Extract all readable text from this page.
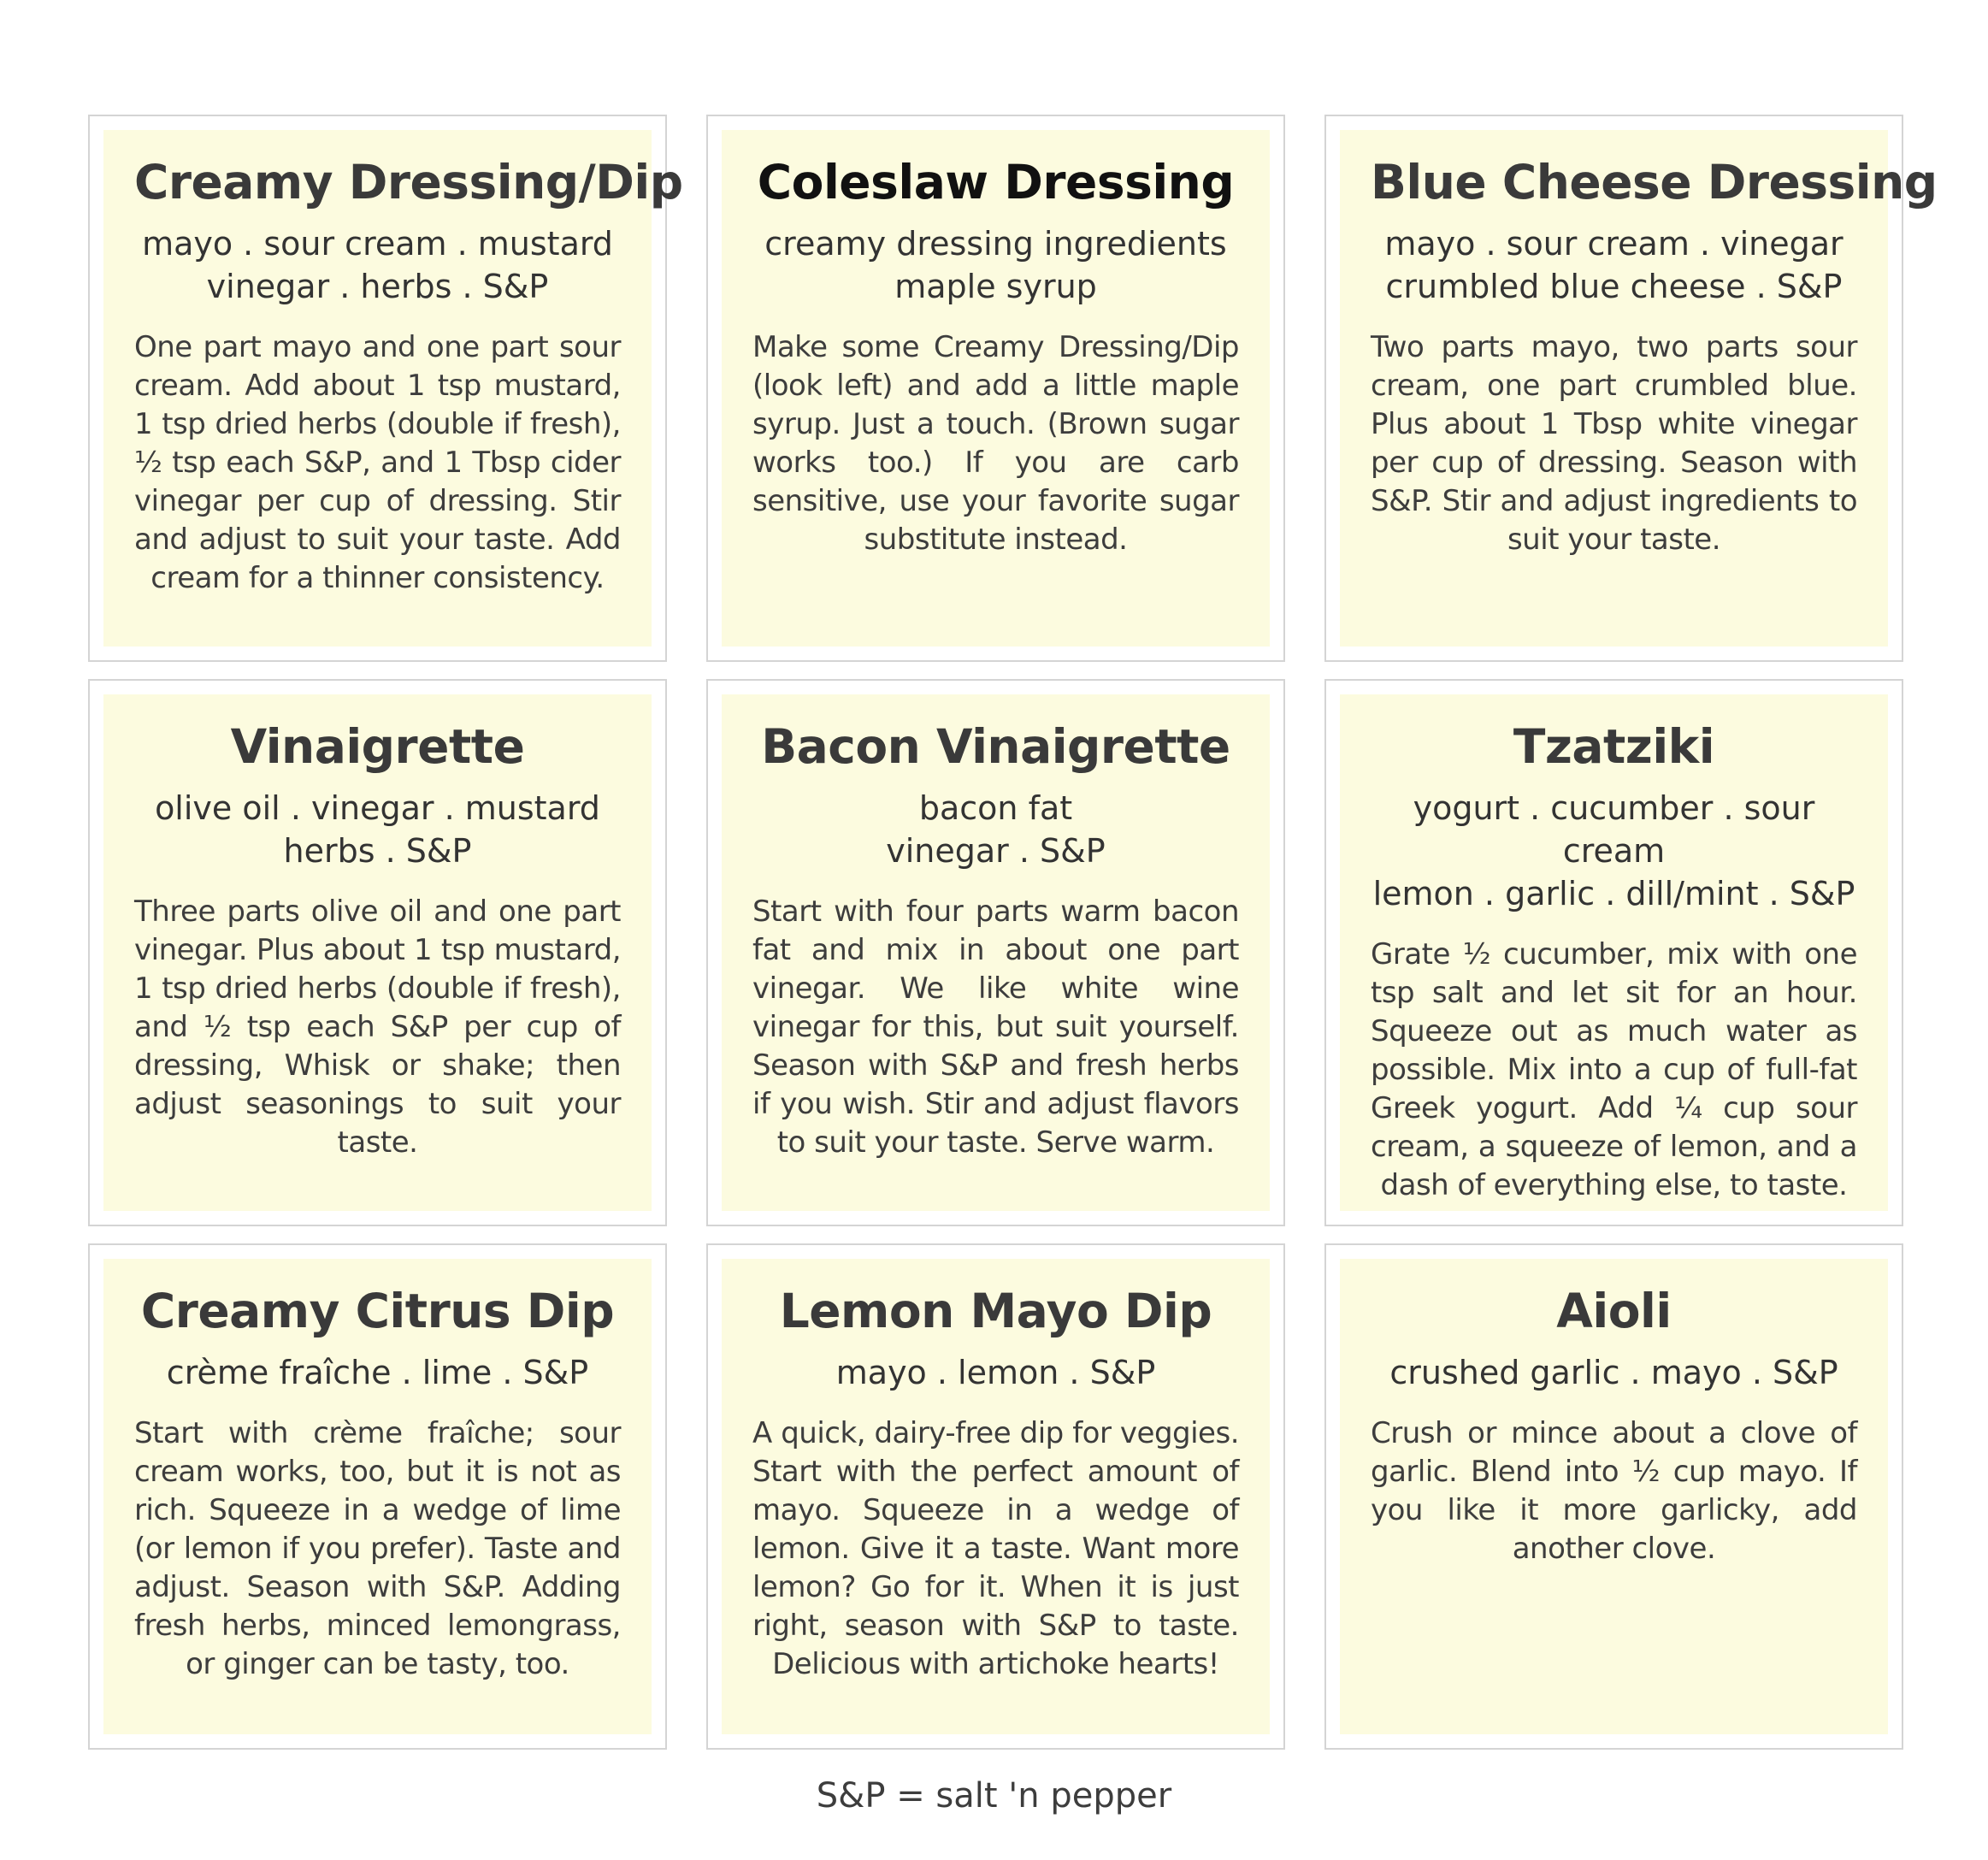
Creamy Dressing/Dip
mayo . sour cream . mustard
vinegar . herbs . S&P

One part mayo and one part sour cream. Add about 1 tsp mustard, 1 tsp dried herbs (double if fresh), ½ tsp each S&P, and 1 Tbsp cider vinegar per cup of dressing. Stir and adjust to suit your taste. Add cream for a thinner consistency.

Coleslaw Dressing
creamy dressing ingredients
maple syrup

Make some Creamy Dressing/Dip (look left) and add a little maple syrup. Just a touch. (Brown sugar works too.) If you are carb sensitive, use your favorite sugar substitute instead.

Blue Cheese Dressing
mayo . sour cream . vinegar
crumbled blue cheese . S&P

Two parts mayo, two parts sour cream, one part crumbled blue. Plus about 1 Tbsp white vinegar per cup of dressing. Season with S&P. Stir and adjust ingredients to suit your taste.

Vinaigrette
olive oil . vinegar . mustard
herbs . S&P

Three parts olive oil and one part vinegar. Plus about 1 tsp mustard, 1 tsp dried herbs (double if fresh), and ½ tsp each S&P per cup of dressing, Whisk or shake; then adjust seasonings to suit your taste.

Bacon Vinaigrette
bacon fat
vinegar . S&P

Start with four parts warm bacon fat and mix in about one part vinegar. We like white wine vinegar for this, but suit yourself. Season with S&P and fresh herbs if you wish. Stir and adjust flavors to suit your taste. Serve warm.

Tzatziki
yogurt . cucumber . sour cream
lemon . garlic . dill/mint . S&P

Grate ½ cucumber, mix with one tsp salt and let sit for an hour. Squeeze out as much water as possible. Mix into a cup of full-fat Greek yogurt. Add ¼ cup sour cream, a squeeze of lemon, and a dash of everything else, to taste.

Creamy Citrus Dip
crème fraîche . lime . S&P

Start with crème fraîche; sour cream works, too, but it is not as rich. Squeeze in a wedge of lime (or lemon if you prefer). Taste and adjust. Season with S&P. Adding fresh herbs, minced lemongrass, or ginger can be tasty, too.

Lemon Mayo Dip
mayo . lemon . S&P

A quick, dairy-free dip for veggies. Start with the perfect amount of mayo. Squeeze in a wedge of lemon. Give it a taste. Want more lemon? Go for it. When it is just right, season with S&P to taste. Delicious with artichoke hearts!

Aioli
crushed garlic . mayo . S&P

Crush or mince about a clove of garlic. Blend into ½ cup mayo. If you like it more garlicky, add another clove.

S&P = salt 'n pepper
